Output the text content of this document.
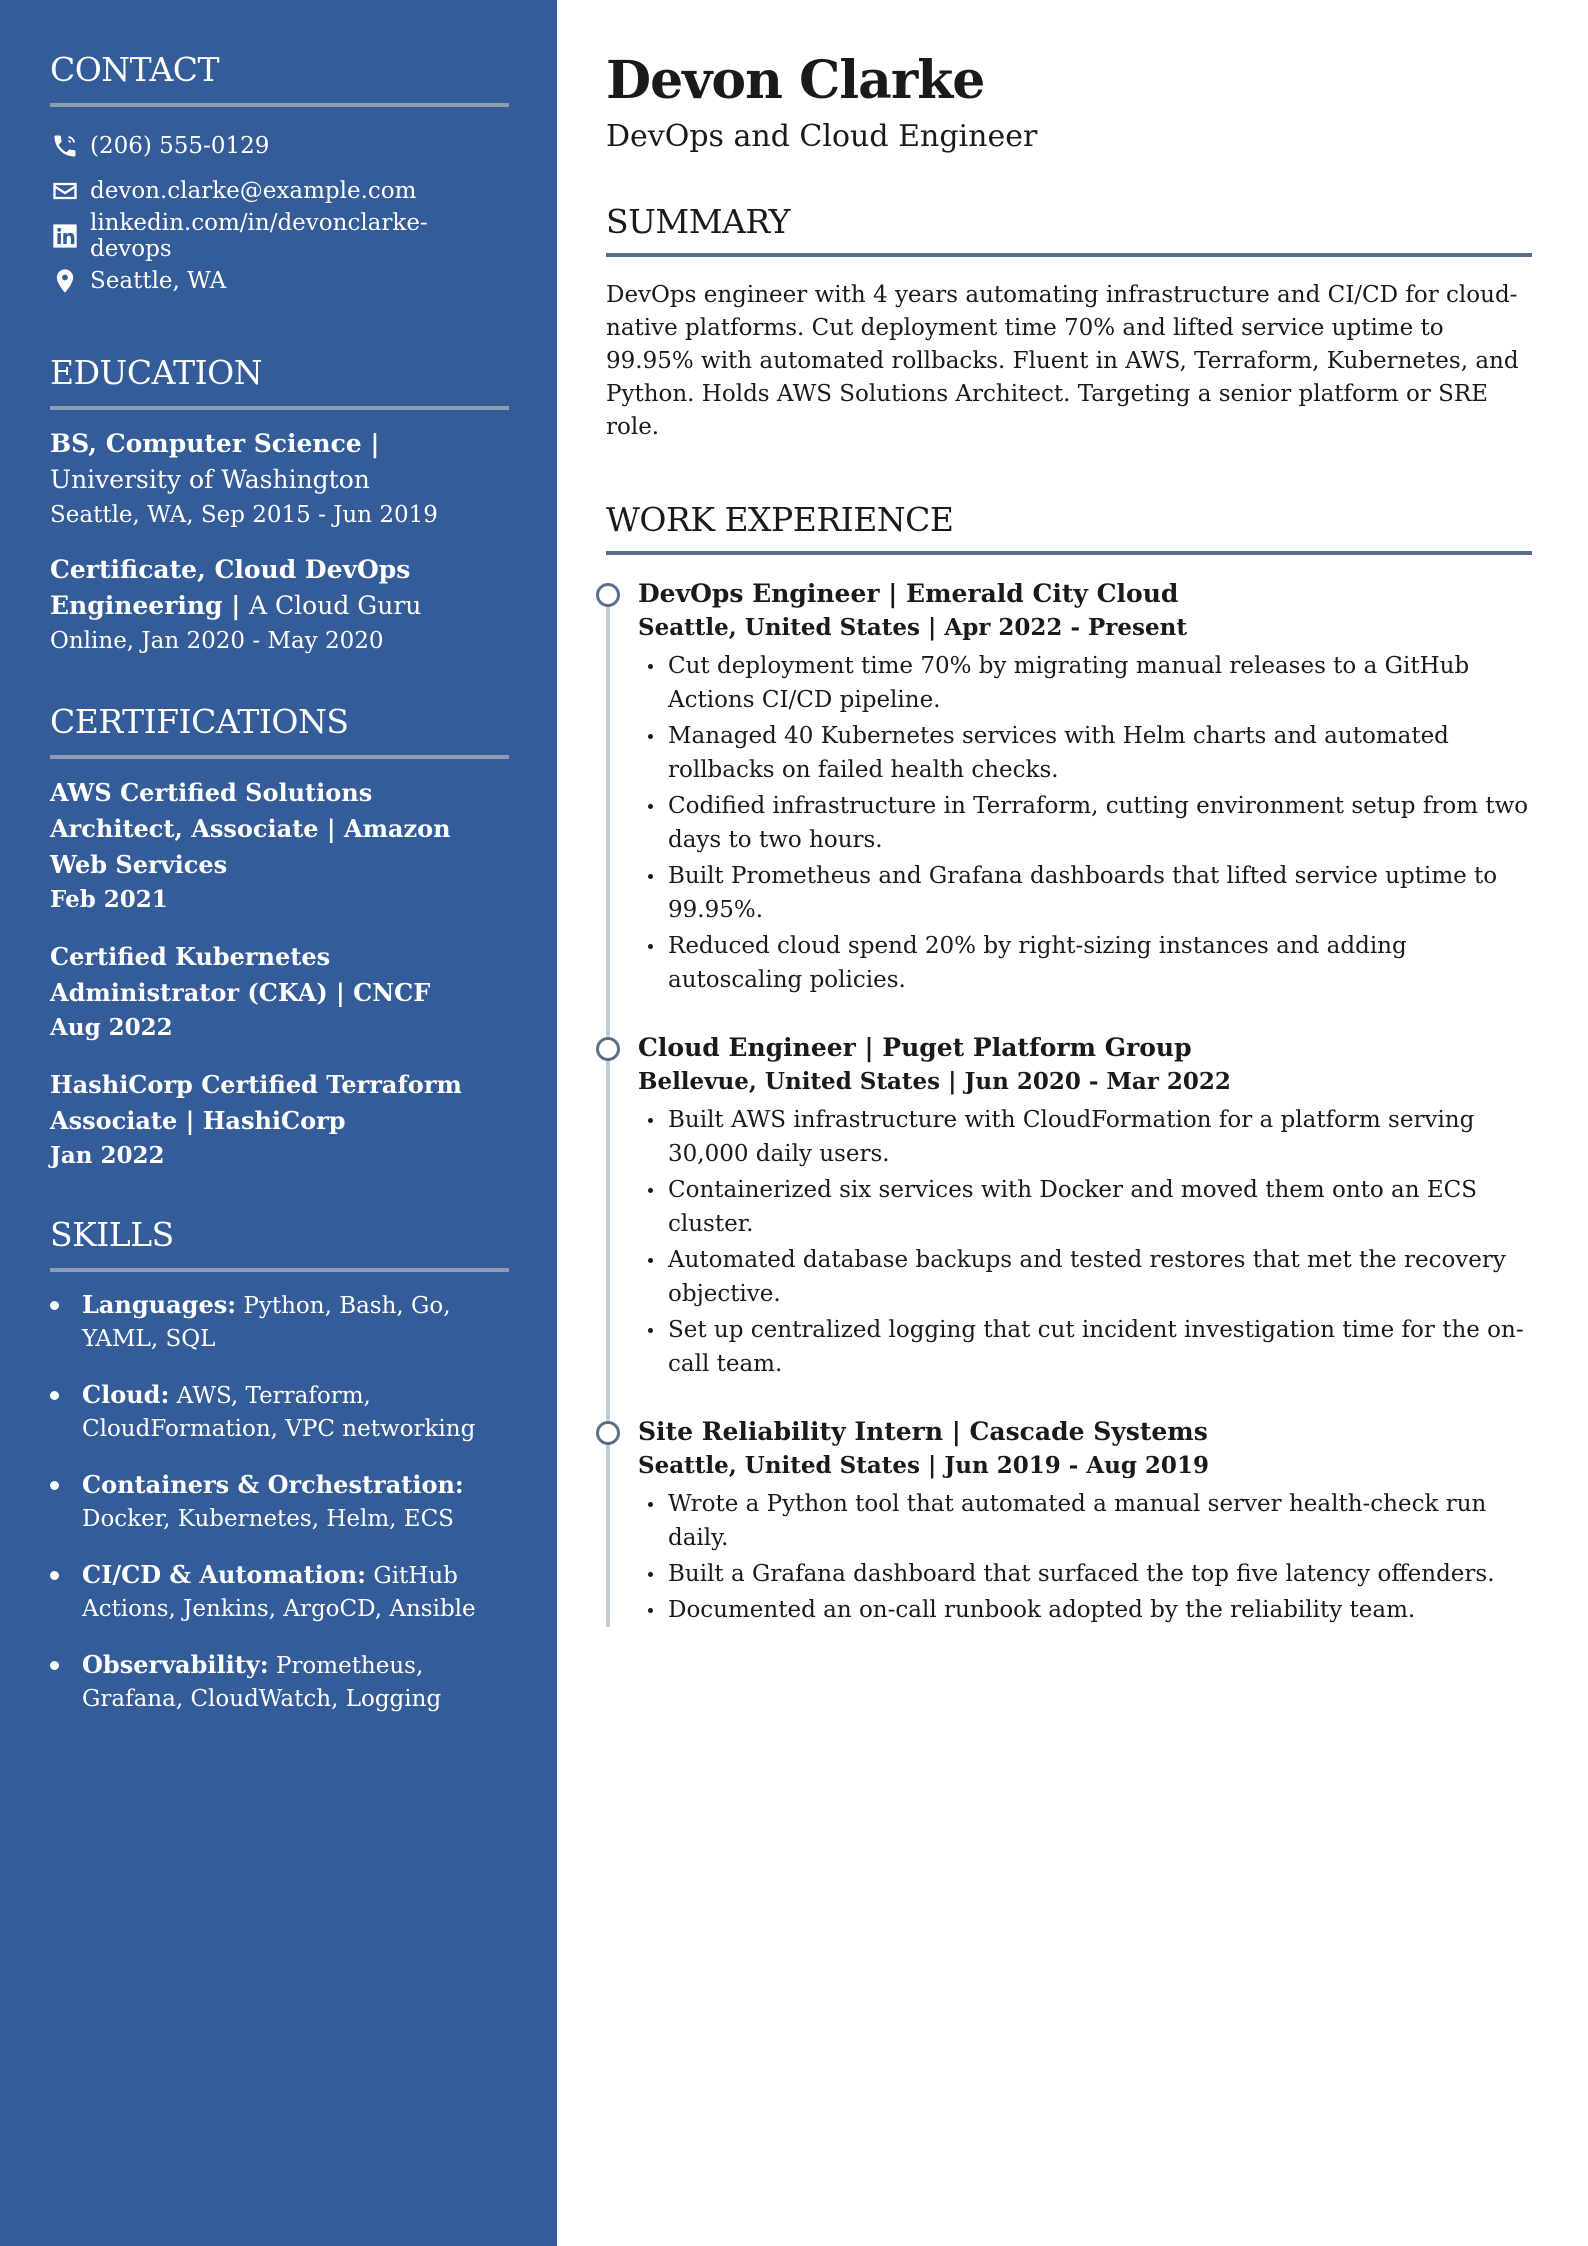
CONTACT
(206) 555-0129
devon.clarke@example.com
linkedin.com/in/devonclarke-devops
Seattle, WA
EDUCATION
BS, Computer Science | University of Washington
Seattle, WA, Sep 2015 - Jun 2019
Certificate, Cloud DevOps Engineering | A Cloud Guru
Online, Jan 2020 - May 2020
CERTIFICATIONS
AWS Certified Solutions Architect, Associate | Amazon Web Services
Feb 2021
Certified Kubernetes Administrator (CKA) | CNCF
Aug 2022
HashiCorp Certified Terraform Associate | HashiCorp
Jan 2022
SKILLS
Languages: Python, Bash, Go, YAML, SQL
Cloud: AWS, Terraform, CloudFormation, VPC networking
Containers & Orchestration: Docker, Kubernetes, Helm, ECS
CI/CD & Automation: GitHub Actions, Jenkins, ArgoCD, Ansible
Observability: Prometheus, Grafana, CloudWatch, Logging
Devon Clarke
DevOps and Cloud Engineer
SUMMARY

DevOps engineer with 4 years automating infrastructure and CI/CD for cloud-native platforms. Cut deployment time 70% and lifted service uptime to 99.95% with automated rollbacks. Fluent in AWS, Terraform, Kubernetes, and Python. Holds AWS Solutions Architect. Targeting a senior platform or SRE role.

WORK EXPERIENCE
DevOps Engineer | Emerald City Cloud
Seattle, United States | Apr 2022 - Present
Cut deployment time 70% by migrating manual releases to a GitHub Actions CI/CD pipeline.
Managed 40 Kubernetes services with Helm charts and automated rollbacks on failed health checks.
Codified infrastructure in Terraform, cutting environment setup from two days to two hours.
Built Prometheus and Grafana dashboards that lifted service uptime to 99.95%.
Reduced cloud spend 20% by right-sizing instances and adding autoscaling policies.
Cloud Engineer | Puget Platform Group
Bellevue, United States | Jun 2020 - Mar 2022
Built AWS infrastructure with CloudFormation for a platform serving 30,000 daily users.
Containerized six services with Docker and moved them onto an ECS cluster.
Automated database backups and tested restores that met the recovery objective.
Set up centralized logging that cut incident investigation time for the on-call team.
Site Reliability Intern | Cascade Systems
Seattle, United States | Jun 2019 - Aug 2019
Wrote a Python tool that automated a manual server health-check run daily.
Built a Grafana dashboard that surfaced the top five latency offenders.
Documented an on-call runbook adopted by the reliability team.
